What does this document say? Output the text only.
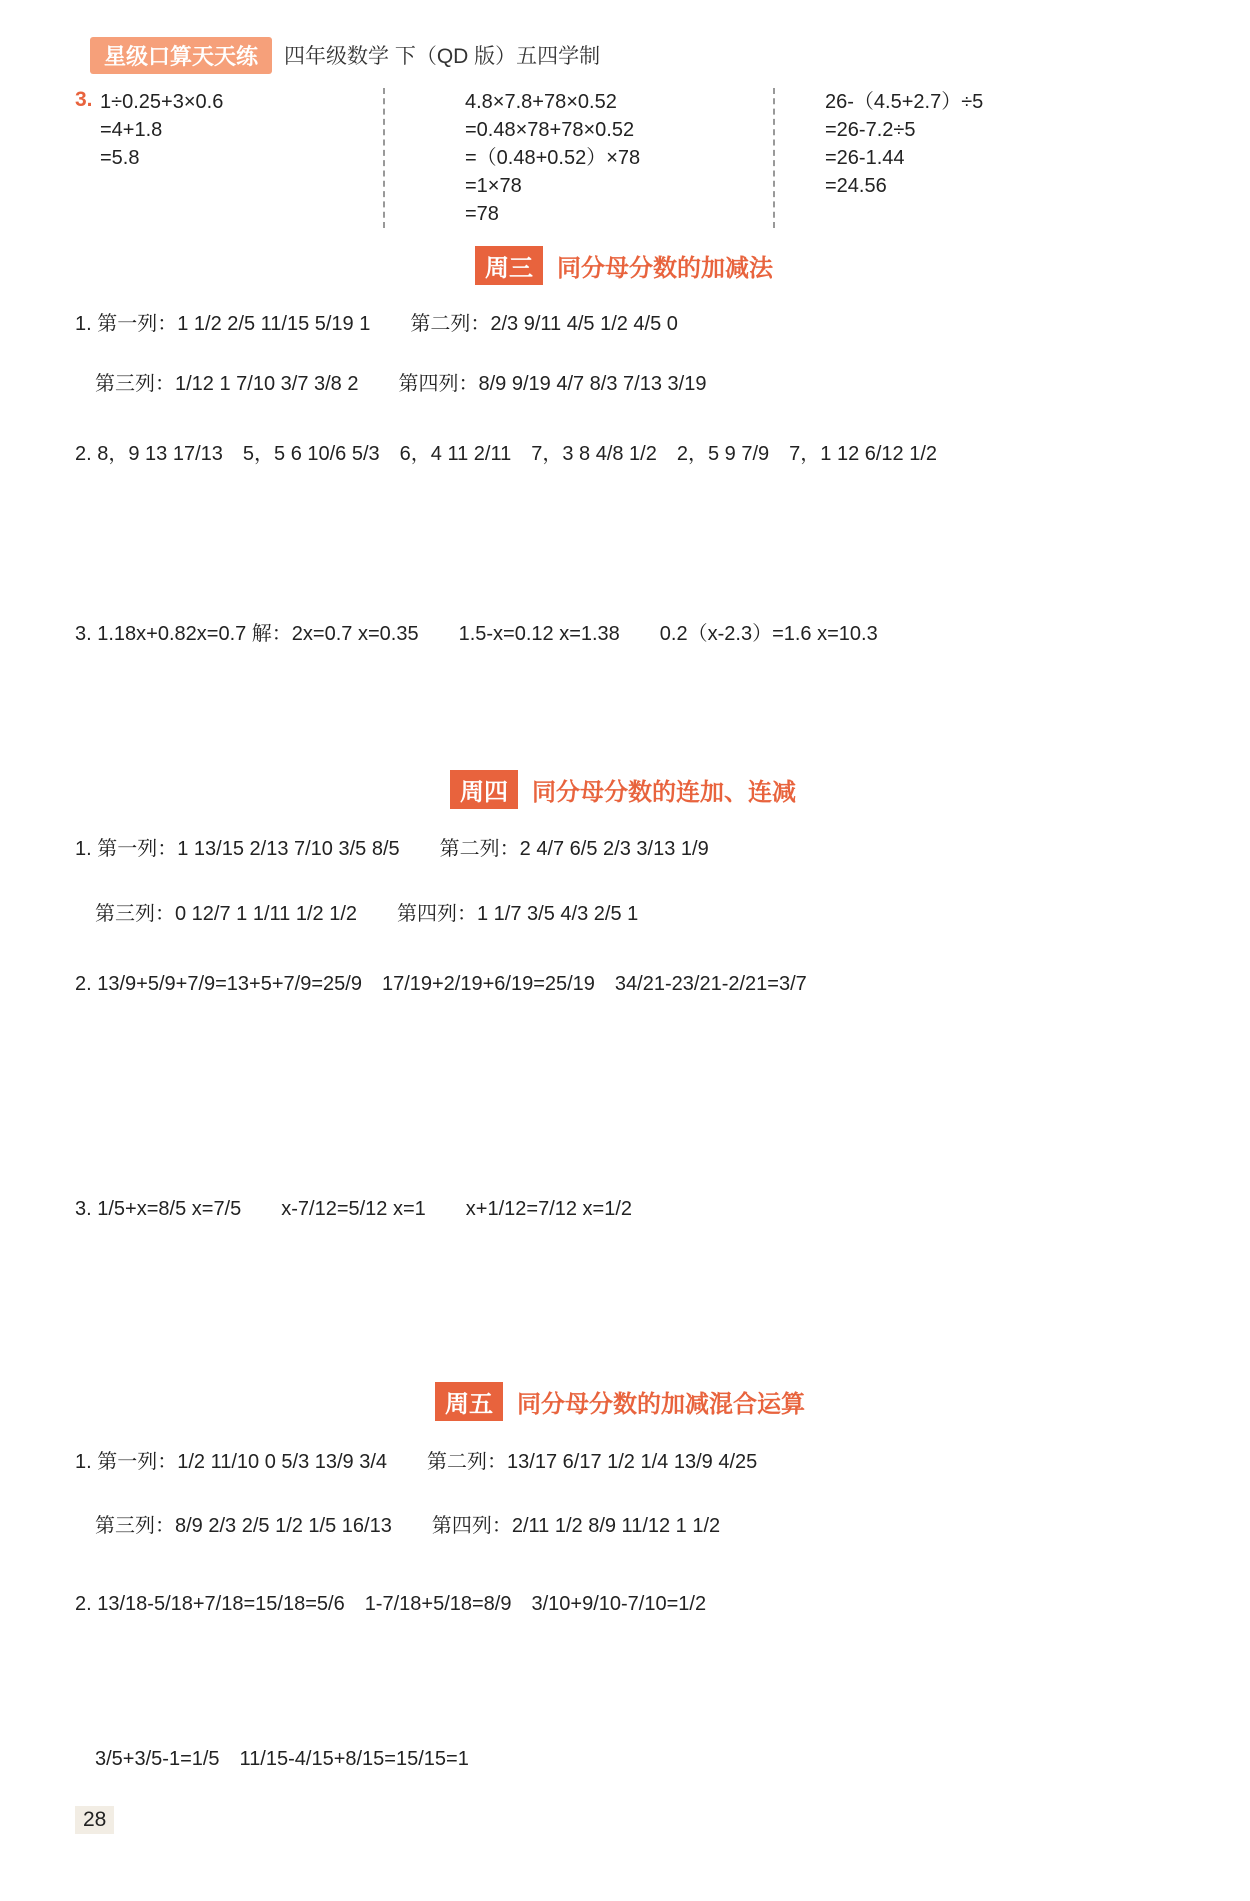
星级口算天天练	四年级数学 下（QD 版）五四学制
3. 1÷0.25+3×0.6
=4+1.8
=5.8
4.8×7.8+78×0.52
=0.48×78+78×0.52
=（0.48+0.52）×78
=1×78
=78
26-（4.5+2.7）÷5
=26-7.2÷5
=26-1.44
=24.56
周三	同分母分数的加减法
1. 第一列：1 1/2 2/5 11/15 5/19 1　　第二列：2/3 9/11 4/5 1/2 4/5 0
第三列：1/12 1 7/10 3/7 3/8 2　　第四列：8/9 9/19 4/7 8/3 7/13 3/19
2. 8，9 13 17/13　5，5 6 10/6 5/3　6，4 11 2/11　7，3 8 4/8 1/2　2，5 9 7/9　7，1 12 6/12 1/2
3. 1.18x+0.82x=0.7 解：2x=0.7 x=0.35　　1.5-x=0.12 x=1.38　　0.2（x-2.3）=1.6 x=10.3
周四	同分母分数的连加、连减
1. 第一列：1 13/15 2/13 7/10 3/5 8/5　　第二列：2 4/7 6/5 2/3 3/13 1/9
第三列：0 12/7 1 1/11 1/2 1/2　　第四列：1 1/7 3/5 4/3 2/5 1
2. 13/9+5/9+7/9=13+5+7/9=25/9　17/19+2/19+6/19=25/19　34/21-23/21-2/21=3/7
3. 1/5+x=8/5 x=7/5　　x-7/12=5/12 x=1　　x+1/12=7/12 x=1/2
周五	同分母分数的加减混合运算
1. 第一列：1/2 11/10 0 5/3 13/9 3/4　　第二列：13/17 6/17 1/2 1/4 13/9 4/25
第三列：8/9 2/3 2/5 1/2 1/5 16/13　　第四列：2/11 1/2 8/9 11/12 1 1/2
2. 13/18-5/18+7/18=15/18=5/6　1-7/18+5/18=8/9　3/10+9/10-7/10=1/2
3/5+3/5-1=1/5　11/15-4/15+8/15=15/15=1
28
